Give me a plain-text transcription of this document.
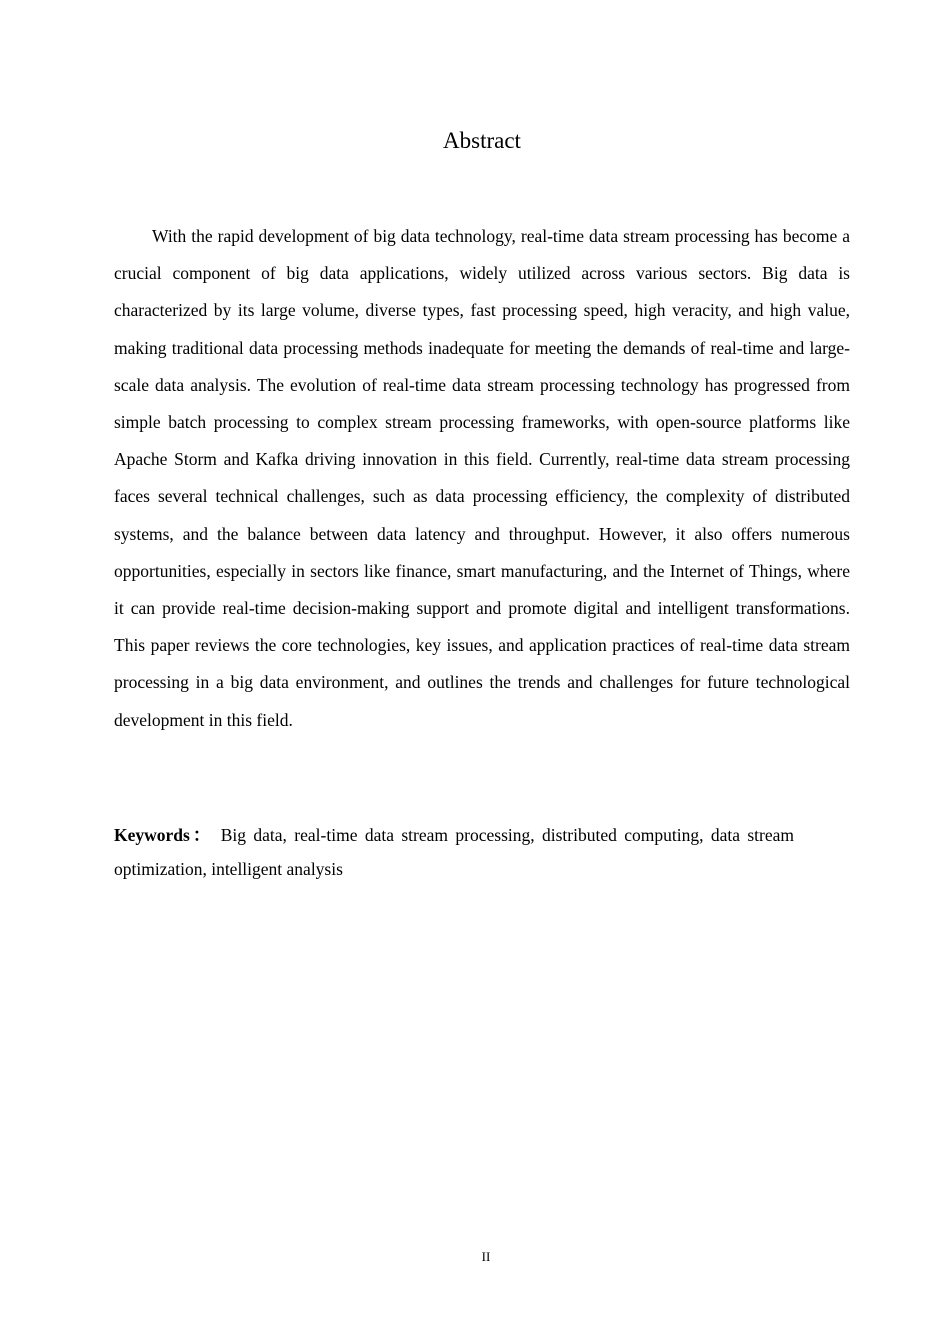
Abstract

With the rapid development of big data technology, real-time data stream processing has become a crucial component of big data applications, widely utilized across various sectors. Big data is characterized by its large volume, diverse types, fast processing speed, high veracity, and high value, making traditional data processing methods inadequate for meeting the demands of real-time and large-scale data analysis. The evolution of real-time data stream processing technology has progressed from simple batch processing to complex stream processing frameworks, with open-source platforms like Apache Storm and Kafka driving innovation in this field. Currently, real-time data stream processing faces several technical challenges, such as data processing efficiency, the complexity of distributed systems, and the balance between data latency and throughput. However, it also offers numerous opportunities, especially in sectors like finance, smart manufacturing, and the Internet of Things, where it can provide real-time decision-making support and promote digital and intelligent transformations. This paper reviews the core technologies, key issues, and application practices of real-time data stream processing in a big data environment, and outlines the trends and challenges for future technological development in this field.

Keywords： Big data, real-time data stream processing, distributed computing, data stream optimization, intelligent analysis

II
